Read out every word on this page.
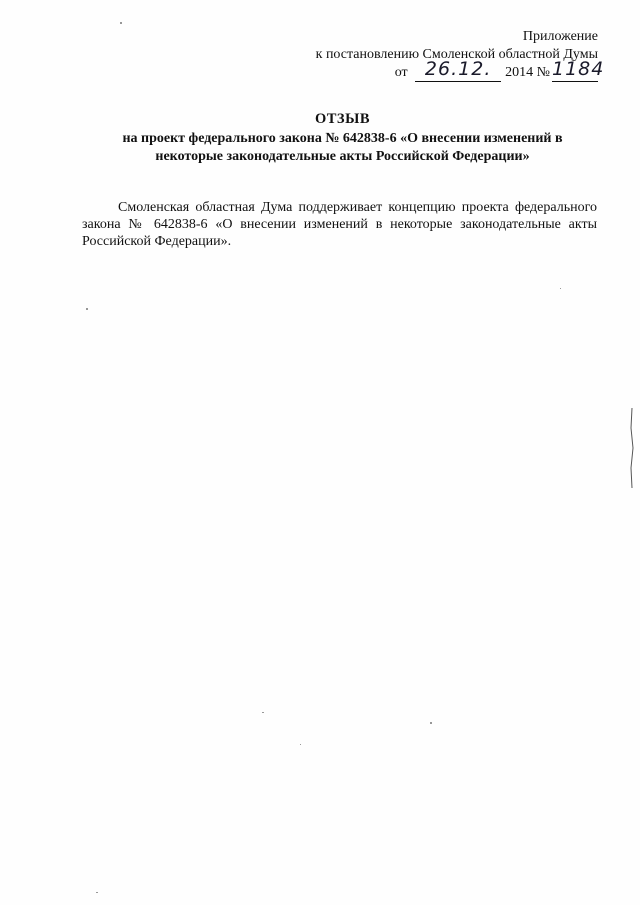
Приложение
к постановлению Смоленской областной Думы
от 26.12. 2014 № 1184
ОТЗЫВ
на проект федерального закона № 642838-6 «О внесении изменений в
некоторые законодательные акты Российской Федерации»

Смоленская областная Дума поддерживает концепцию проекта федерального закона № 642838-6 «О внесении изменений в некоторые законодательные акты Российской Федерации».
